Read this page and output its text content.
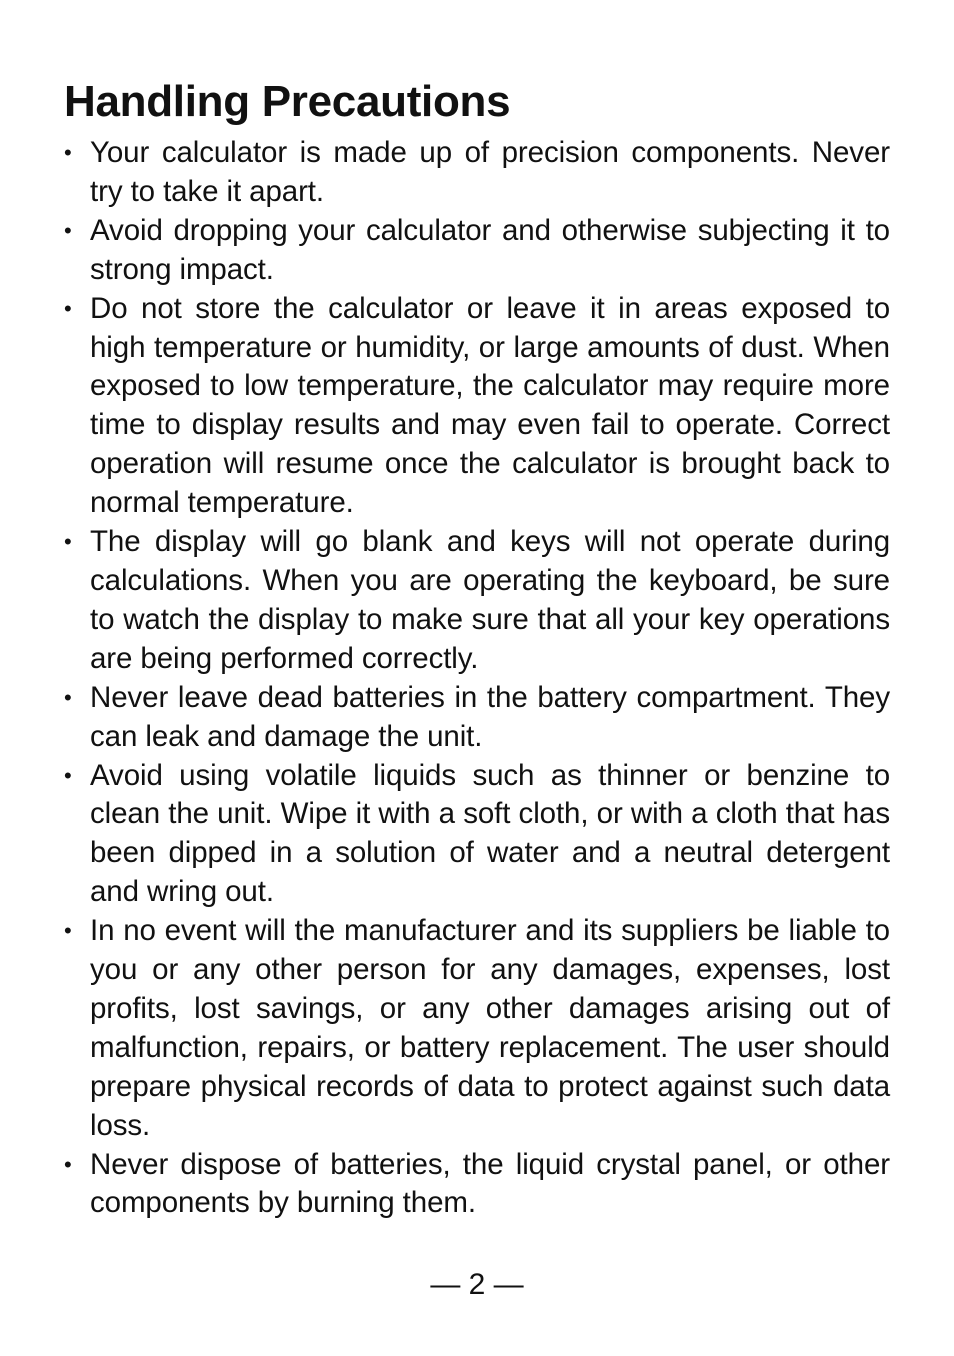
Handling Precautions
• Your calculator is made up of precision components. Never try to take it apart.
• Avoid dropping your calculator and otherwise subjecting it to strong impact.
• Do not store the calculator or leave it in areas exposed to high temperature or humidity, or large amounts of dust. When exposed to low temperature, the calculator may require more time to display results and may even fail to operate. Correct operation will resume once the calculator is brought back to normal temperature.
• The display will go blank and keys will not operate during calculations. When you are operating the keyboard, be sure to watch the display to make sure that all your key operations are being performed correctly.
• Never leave dead batteries in the battery compartment. They can leak and damage the unit.
• Avoid using volatile liquids such as thinner or benzine to clean the unit. Wipe it with a soft cloth, or with a cloth that has been dipped in a solution of water and a neutral detergent and wring out.
• In no event will the manufacturer and its suppliers be liable to you or any other person for any damages, expenses, lost profits, lost savings, or any other damages arising out of malfunction, repairs, or battery replacement. The user should prepare physical records of data to protect against such data loss.
• Never dispose of batteries, the liquid crystal panel, or other components by burning them.
— 2 —
